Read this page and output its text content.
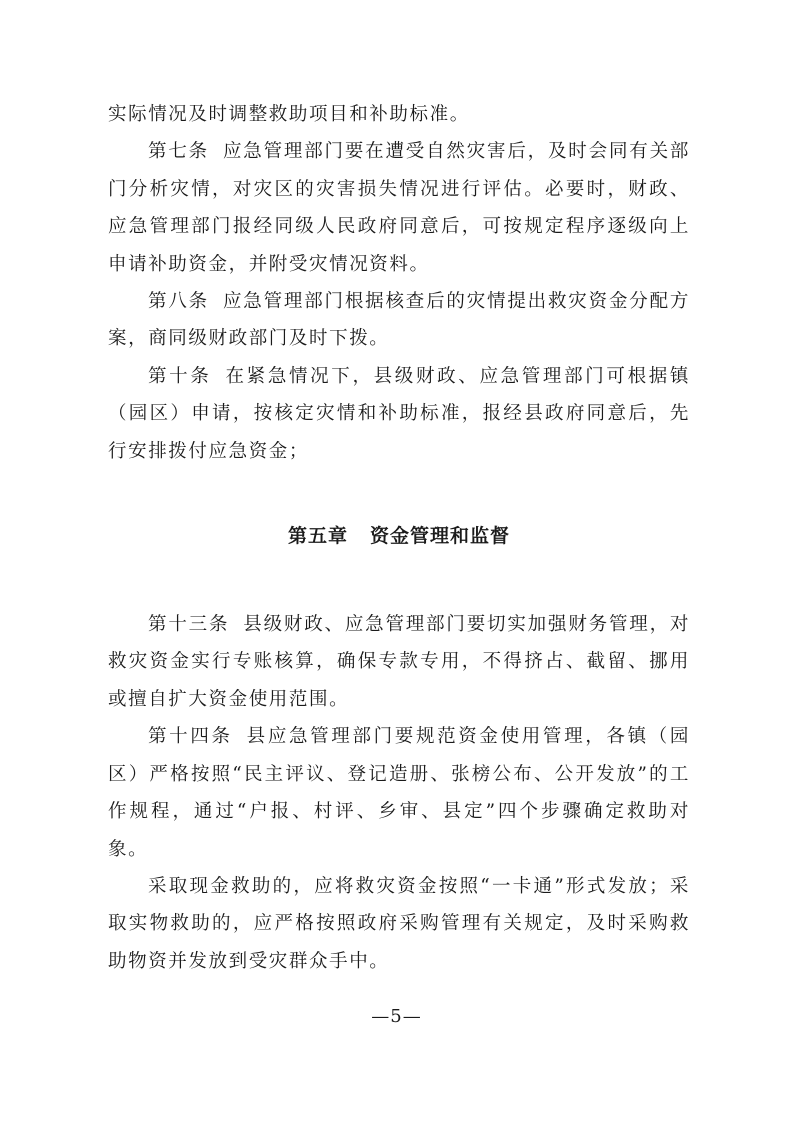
实际情况及时调整救助项目和补助标准。

第七条 应急管理部门要在遭受自然灾害后，及时会同有关部门分析灾情，对灾区的灾害损失情况进行评估。必要时，财政、应急管理部门报经同级人民政府同意后，可按规定程序逐级向上申请补助资金，并附受灾情况资料。

第八条 应急管理部门根据核查后的灾情提出救灾资金分配方案，商同级财政部门及时下拨。

第十条 在紧急情况下，县级财政、应急管理部门可根据镇（园区）申请，按核定灾情和补助标准，报经县政府同意后，先行安排拨付应急资金；

第五章 资金管理和监督

第十三条 县级财政、应急管理部门要切实加强财务管理，对救灾资金实行专账核算，确保专款专用，不得挤占、截留、挪用或擅自扩大资金使用范围。

第十四条 县应急管理部门要规范资金使用管理，各镇（园区）严格按照“民主评议、登记造册、张榜公布、公开发放”的工作规程，通过“户报、村评、乡审、县定”四个步骤确定救助对象。

采取现金救助的，应将救灾资金按照“一卡通”形式发放；采取实物救助的，应严格按照政府采购管理有关规定，及时采购救助物资并发放到受灾群众手中。

—5—
